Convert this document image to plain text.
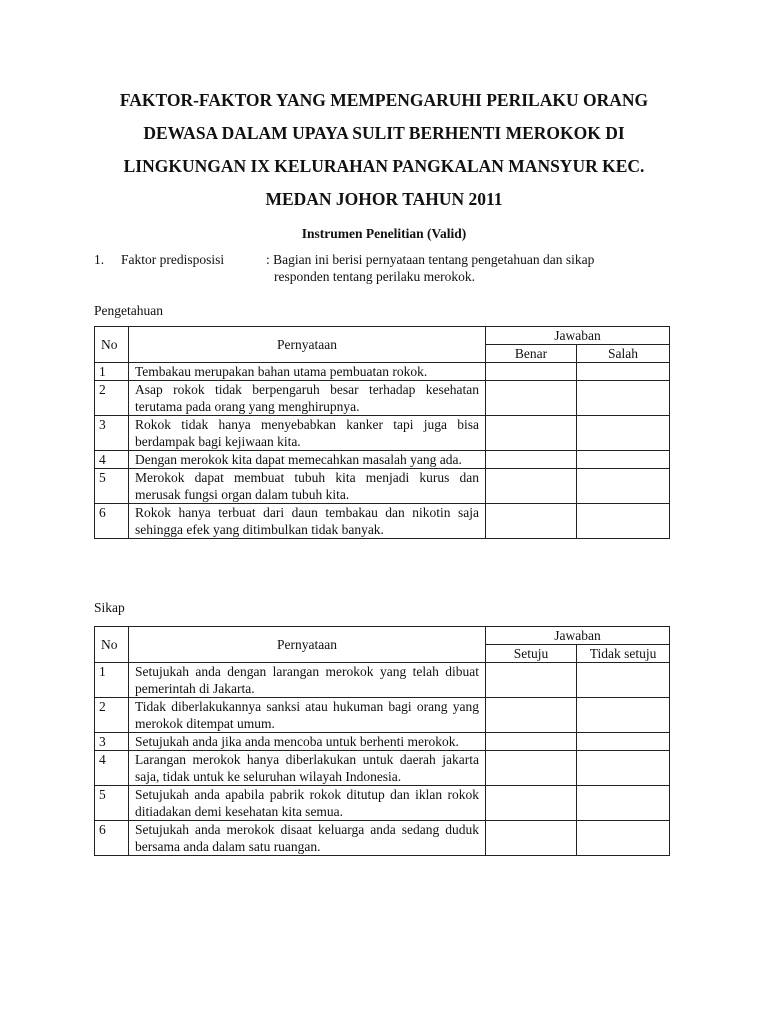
FAKTOR-FAKTOR YANG MEMPENGARUHI PERILAKU ORANG
DEWASA DALAM UPAYA SULIT BERHENTI MEROKOK DI
LINGKUNGAN IX KELURAHAN PANGKALAN MANSYUR KEC.
MEDAN JOHOR TAHUN 2011
Instrumen Penelitian (Valid)
1. Faktor predisposisi	: Bagian ini berisi pernyataan tentang pengetahuan dan sikap
responden tentang perilaku merokok.
Pengetahuan
No	Pernyataan	Jawaban	
		Benar	Salah
1	Tembakau merupakan bahan utama pembuatan rokok.		
2	Asap rokok tidak berpengaruh besar terhadap kesehatan terutama pada orang yang menghirupnya.		
3	Rokok tidak hanya menyebabkan kanker tapi juga bisa berdampak bagi kejiwaan kita.		
4	Dengan merokok kita dapat memecahkan masalah yang ada.		
5	Merokok dapat membuat tubuh kita menjadi kurus dan merusak fungsi organ dalam tubuh kita.		
6	Rokok hanya terbuat dari daun tembakau dan nikotin saja sehingga efek yang ditimbulkan tidak banyak.		
Sikap
No	Pernyataan	Jawaban	
		Setuju	Tidak setuju
1	Setujukah anda dengan larangan merokok yang telah dibuat pemerintah di Jakarta.		
2	Tidak diberlakukannya sanksi atau hukuman bagi orang yang merokok ditempat umum.		
3	Setujukah anda jika anda mencoba untuk berhenti merokok.		
4	Larangan merokok hanya diberlakukan untuk daerah jakarta saja, tidak untuk ke seluruhan wilayah Indonesia.		
5	Setujukah anda apabila pabrik rokok ditutup dan iklan rokok ditiadakan demi kesehatan kita semua.		
6	Setujukah anda merokok disaat keluarga anda sedang duduk bersama anda dalam satu ruangan.		
